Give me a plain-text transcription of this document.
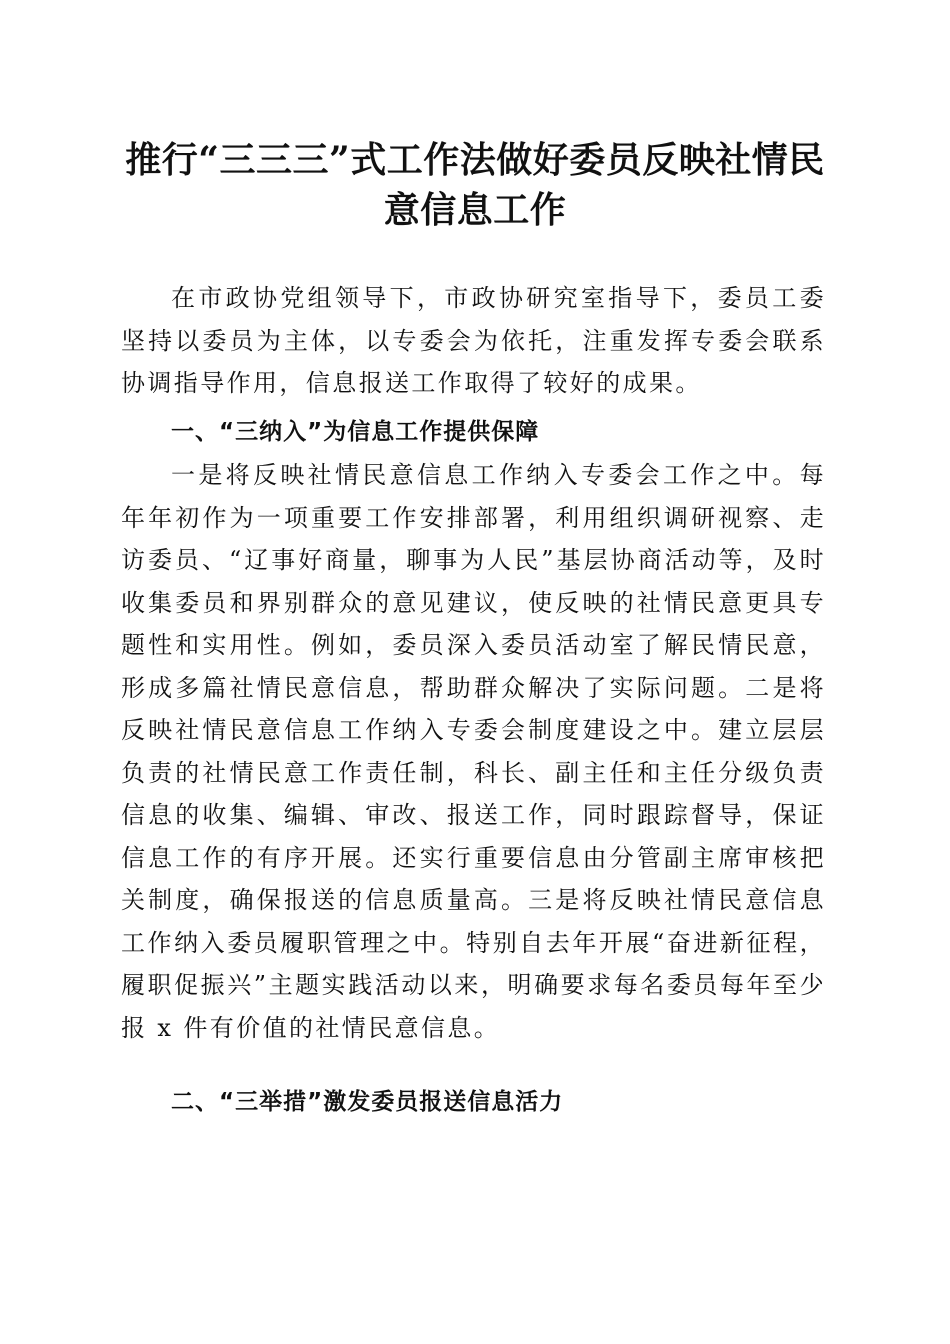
推行“三三三”式工作法做好委员反映社情民
意信息工作

在市政协党组领导下，市政协研究室指导下，委员工委坚持以委员为主体，以专委会为依托，注重发挥专委会联系协调指导作用，信息报送工作取得了较好的成果。

一、“三纳入”为信息工作提供保障

一是将反映社情民意信息工作纳入专委会工作之中。每年年初作为一项重要工作安排部署，利用组织调研视察、走访委员、“辽事好商量，聊事为人民”基层协商活动等，及时收集委员和界别群众的意见建议，使反映的社情民意更具专题性和实用性。例如，委员深入委员活动室了解民情民意，形成多篇社情民意信息，帮助群众解决了实际问题。二是将反映社情民意信息工作纳入专委会制度建设之中。建立层层负责的社情民意工作责任制，科长、副主任和主任分级负责信息的收集、编辑、审改、报送工作，同时跟踪督导，保证信息工作的有序开展。还实行重要信息由分管副主席审核把关制度，确保报送的信息质量高。三是将反映社情民意信息工作纳入委员履职管理之中。特别自去年开展“奋进新征程，履职促振兴”主题实践活动以来，明确要求每名委员每年至少报 x 件有价值的社情民意信息。

二、“三举措”激发委员报送信息活力
